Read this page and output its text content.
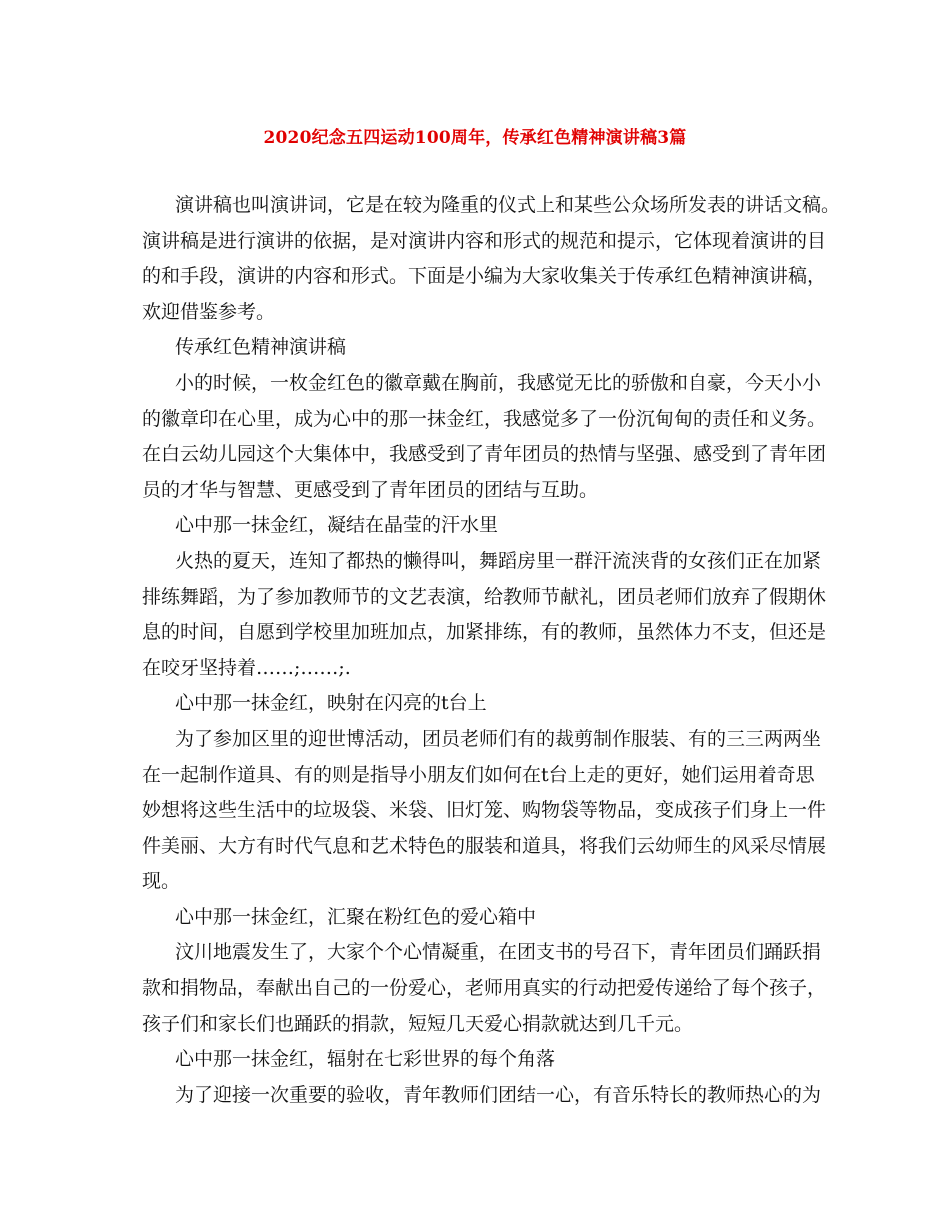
2020纪念五四运动100周年，传承红色精神演讲稿3篇
演讲稿也叫演讲词，它是在较为隆重的仪式上和某些公众场所发表的讲话文稿。
演讲稿是进行演讲的依据，是对演讲内容和形式的规范和提示，它体现着演讲的目
的和手段，演讲的内容和形式。下面是小编为大家收集关于传承红色精神演讲稿，
欢迎借鉴参考。
传承红色精神演讲稿
小的时候，一枚金红色的徽章戴在胸前，我感觉无比的骄傲和自豪，今天小小
的徽章印在心里，成为心中的那一抹金红，我感觉多了一份沉甸甸的责任和义务。
在白云幼儿园这个大集体中，我感受到了青年团员的热情与坚强、感受到了青年团
员的才华与智慧、更感受到了青年团员的团结与互助。
心中那一抹金红，凝结在晶莹的汗水里
火热的夏天，连知了都热的懒得叫，舞蹈房里一群汗流浃背的女孩们正在加紧
排练舞蹈，为了参加教师节的文艺表演，给教师节献礼，团员老师们放弃了假期休
息的时间，自愿到学校里加班加点，加紧排练，有的教师，虽然体力不支，但还是
在咬牙坚持着……;……;.
心中那一抹金红，映射在闪亮的t台上
为了参加区里的迎世博活动，团员老师们有的裁剪制作服装、有的三三两两坐
在一起制作道具、有的则是指导小朋友们如何在t台上走的更好，她们运用着奇思
妙想将这些生活中的垃圾袋、米袋、旧灯笼、购物袋等物品，变成孩子们身上一件
件美丽、大方有时代气息和艺术特色的服装和道具，将我们云幼师生的风采尽情展
现。
心中那一抹金红，汇聚在粉红色的爱心箱中
汶川地震发生了，大家个个心情凝重，在团支书的号召下，青年团员们踊跃捐
款和捐物品，奉献出自己的一份爱心，老师用真实的行动把爱传递给了每个孩子，
孩子们和家长们也踊跃的捐款，短短几天爱心捐款就达到几千元。
心中那一抹金红，辐射在七彩世界的每个角落
为了迎接一次重要的验收，青年教师们团结一心，有音乐特长的教师热心的为
